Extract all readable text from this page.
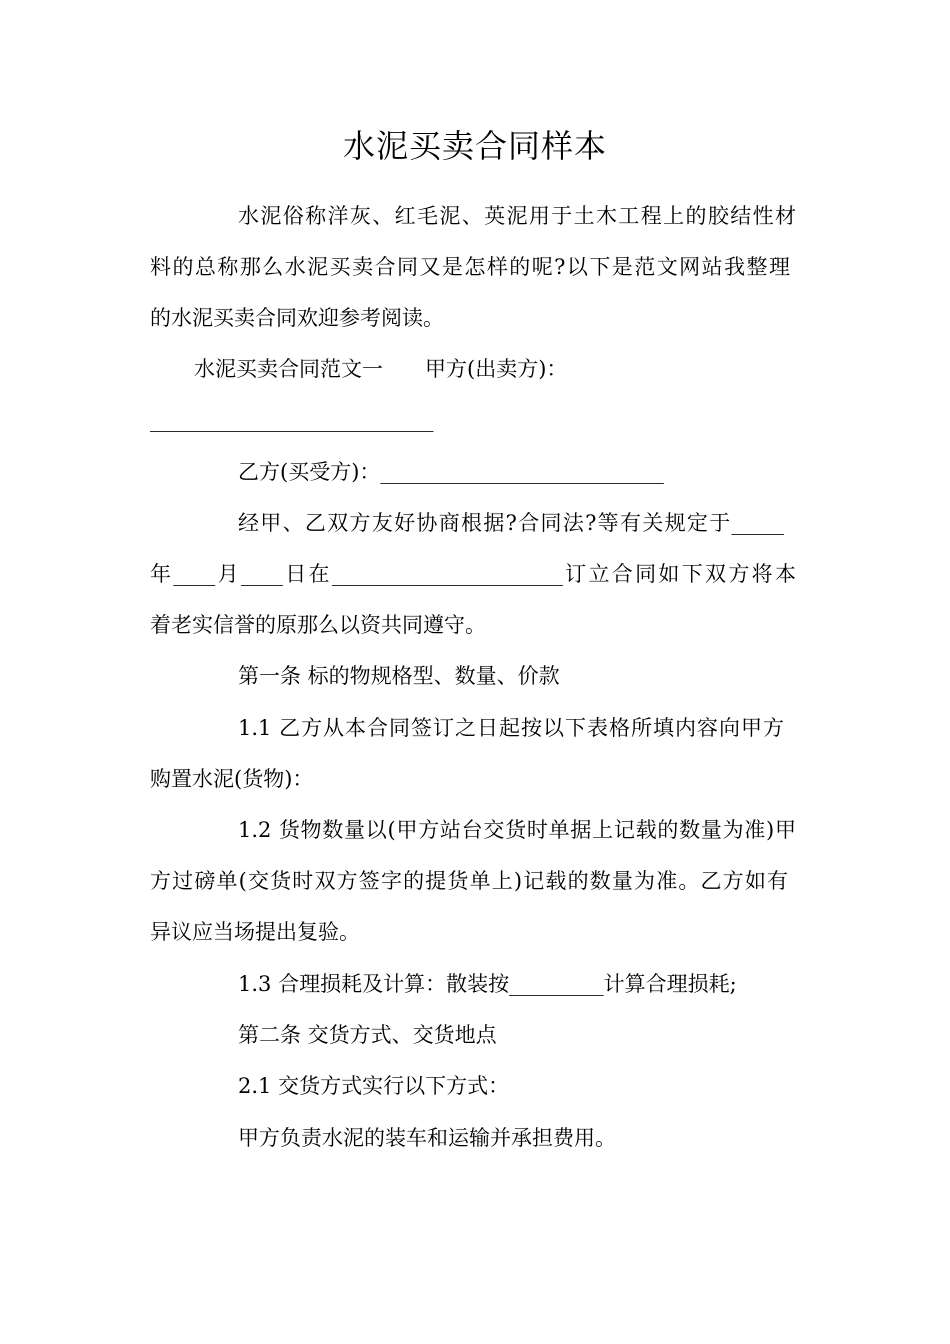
水泥买卖合同样本
水泥俗称洋灰、红毛泥、英泥用于土木工程上的胶结性材
料的总称那么水泥买卖合同又是怎样的呢?以下是范文网站我整理
的水泥买卖合同欢迎参考阅读。
水泥买卖合同范文一　　甲方(出卖方)：
___________________________
乙方(买受方)：___________________________
经甲、乙双方友好协商根据?合同法?等有关规定于_____
年____月____日在______________________订立合同如下双方将本
着老实信誉的原那么以资共同遵守。
第一条 标的物规格型、数量、价款
1.1 乙方从本合同签订之日起按以下表格所填内容向甲方
购置水泥(货物)：
1.2 货物数量以(甲方站台交货时单据上记载的数量为准)甲
方过磅单(交货时双方签字的提货单上)记载的数量为准。乙方如有
异议应当场提出复验。
1.3 合理损耗及计算：散装按_________计算合理损耗;
第二条 交货方式、交货地点
2.1 交货方式实行以下方式：
甲方负责水泥的装车和运输并承担费用。
